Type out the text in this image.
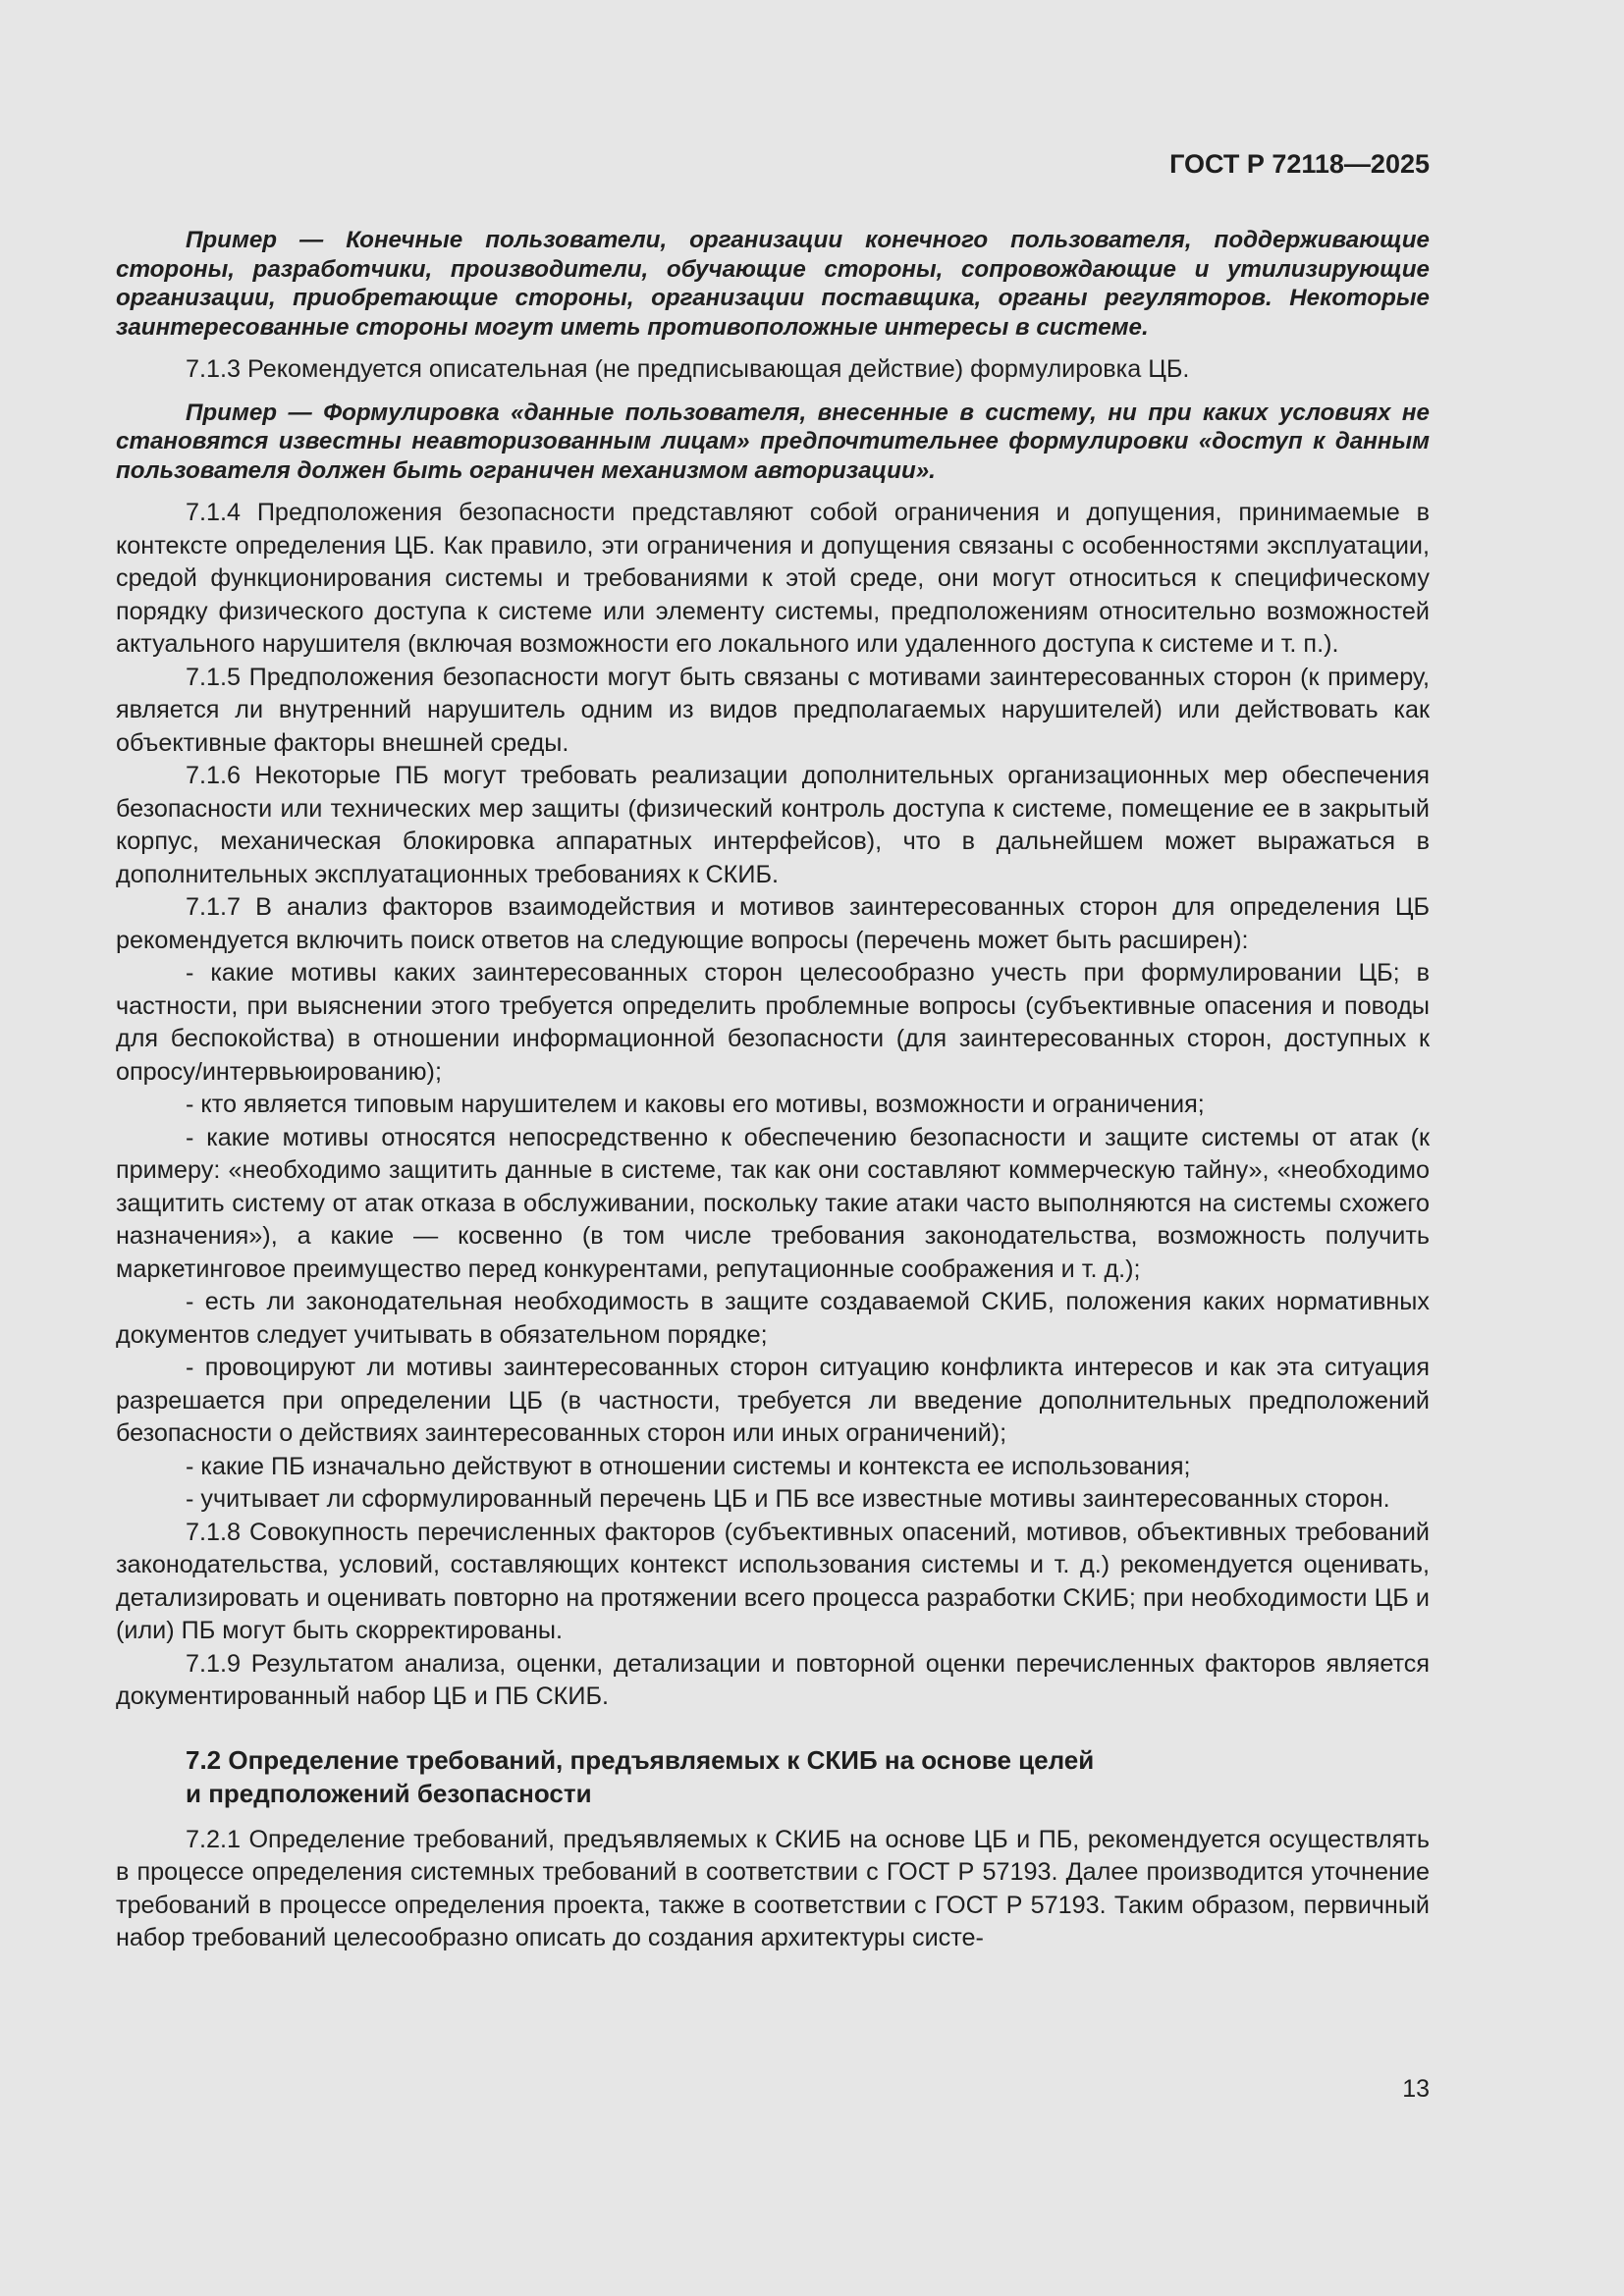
ГОСТ Р 72118—2025

Пример — Конечные пользователи, организации конечного пользователя, поддерживающие стороны, разработчики, производители, обучающие стороны, сопровождающие и утилизирующие организации, приобретающие стороны, организации поставщика, органы регуляторов. Некоторые заинтересованные стороны могут иметь противоположные интересы в системе.

7.1.3 Рекомендуется описательная (не предписывающая действие) формулировка ЦБ.

Пример — Формулировка «данные пользователя, внесенные в систему, ни при каких условиях не становятся известны неавторизованным лицам» предпочтительнее формулировки «доступ к данным пользователя должен быть ограничен механизмом авторизации».

7.1.4 Предположения безопасности представляют собой ограничения и допущения, принимаемые в контексте определения ЦБ. Как правило, эти ограничения и допущения связаны с особенностями эксплуатации, средой функционирования системы и требованиями к этой среде, они могут относиться к специфическому порядку физического доступа к системе или элементу системы, предположениям относительно возможностей актуального нарушителя (включая возможности его локального или удаленного доступа к системе и т. п.).

7.1.5 Предположения безопасности могут быть связаны с мотивами заинтересованных сторон (к примеру, является ли внутренний нарушитель одним из видов предполагаемых нарушителей) или действовать как объективные факторы внешней среды.

7.1.6 Некоторые ПБ могут требовать реализации дополнительных организационных мер обеспечения безопасности или технических мер защиты (физический контроль доступа к системе, помещение ее в закрытый корпус, механическая блокировка аппаратных интерфейсов), что в дальнейшем может выражаться в дополнительных эксплуатационных требованиях к СКИБ.

7.1.7 В анализ факторов взаимодействия и мотивов заинтересованных сторон для определения ЦБ рекомендуется включить поиск ответов на следующие вопросы (перечень может быть расширен):

- какие мотивы каких заинтересованных сторон целесообразно учесть при формулировании ЦБ; в частности, при выяснении этого требуется определить проблемные вопросы (субъективные опасения и поводы для беспокойства) в отношении информационной безопасности (для заинтересованных сторон, доступных к опросу/интервьюированию);

- кто является типовым нарушителем и каковы его мотивы, возможности и ограничения;

- какие мотивы относятся непосредственно к обеспечению безопасности и защите системы от атак (к примеру: «необходимо защитить данные в системе, так как они составляют коммерческую тайну», «необходимо защитить систему от атак отказа в обслуживании, поскольку такие атаки часто выполняются на системы схожего назначения»), а какие — косвенно (в том числе требования законодательства, возможность получить маркетинговое преимущество перед конкурентами, репутационные соображения и т. д.);

- есть ли законодательная необходимость в защите создаваемой СКИБ, положения каких нормативных документов следует учитывать в обязательном порядке;

- провоцируют ли мотивы заинтересованных сторон ситуацию конфликта интересов и как эта ситуация разрешается при определении ЦБ (в частности, требуется ли введение дополнительных предположений безопасности о действиях заинтересованных сторон или иных ограничений);

- какие ПБ изначально действуют в отношении системы и контекста ее использования;

- учитывает ли сформулированный перечень ЦБ и ПБ все известные мотивы заинтересованных сторон.

7.1.8 Совокупность перечисленных факторов (субъективных опасений, мотивов, объективных требований законодательства, условий, составляющих контекст использования системы и т. д.) рекомендуется оценивать, детализировать и оценивать повторно на протяжении всего процесса разработки СКИБ; при необходимости ЦБ и (или) ПБ могут быть скорректированы.

7.1.9 Результатом анализа, оценки, детализации и повторной оценки перечисленных факторов является документированный набор ЦБ и ПБ СКИБ.

7.2 Определение требований, предъявляемых к СКИБ на основе целей
и предположений безопасности

7.2.1 Определение требований, предъявляемых к СКИБ на основе ЦБ и ПБ, рекомендуется осуществлять в процессе определения системных требований в соответствии с ГОСТ Р 57193. Далее производится уточнение требований в процессе определения проекта, также в соответствии с ГОСТ Р 57193. Таким образом, первичный набор требований целесообразно описать до создания архитектуры систе-

13
